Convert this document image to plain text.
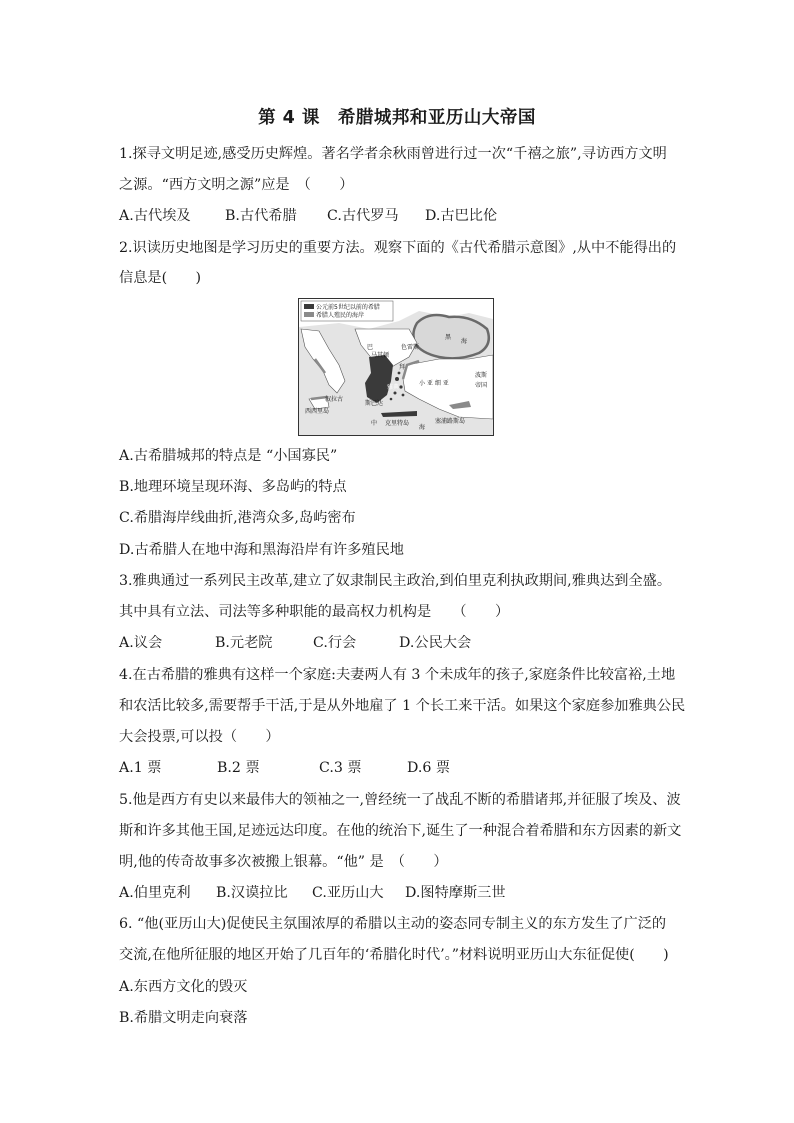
第 4 课　希腊城邦和亚历山大帝国
1.探寻文明足迹,感受历史辉煌。著名学者余秋雨曾进行过一次“千禧之旅”,寻访西方文明
之源。“西方文明之源”应是　（　　）
A.古代埃及 B.古代希腊 C.古代罗马 D.古巴比伦
2.识读历史地图是学习历史的重要方法。观察下面的《古代希腊示意图》,从中不能得出的
信息是(　　)
公元前5世纪以前的希腊
希腊人殖民的海岸
黑
海
色雷斯
马其顿
巴
小 亚 细 亚
波斯
帝国
拜
雅典
斯巴达
叙拉古
西西里岛
克里特岛	塞浦路斯岛
中
海
A.古希腊城邦的特点是 “小国寡民”
B.地理环境呈现环海、多岛屿的特点
C.希腊海岸线曲折,港湾众多,岛屿密布
D.古希腊人在地中海和黑海沿岸有许多殖民地
3.雅典通过一系列民主改革,建立了奴隶制民主政治,到伯里克利执政期间,雅典达到全盛。
其中具有立法、司法等多种职能的最高权力机构是　　（　　）
A.议会	B.元老院	C.行会	D.公民大会
4.在古希腊的雅典有这样一个家庭:夫妻两人有 3 个未成年的孩子,家庭条件比较富裕,土地
和农活比较多,需要帮手干活,于是从外地雇了 1 个长工来干活。如果这个家庭参加雅典公民
大会投票,可以投（　　）
A.1 票	B.2 票	C.3 票	D.6 票
5.他是西方有史以来最伟大的领袖之一,曾经统一了战乱不断的希腊诸邦,并征服了埃及、波
斯和许多其他王国,足迹远达印度。在他的统治下,诞生了一种混合着希腊和东方因素的新文
明,他的传奇故事多次被搬上银幕。“他” 是　（　　）
A.伯里克利 B.汉谟拉比 C.亚历山大 D.图特摩斯三世
6. “他(亚历山大)促使民主氛围浓厚的希腊以主动的姿态同专制主义的东方发生了广泛的
交流,在他所征服的地区开始了几百年的‘希腊化时代’。”材料说明亚历山大东征促使(　　)
A.东西方文化的毁灭
B.希腊文明走向衰落
